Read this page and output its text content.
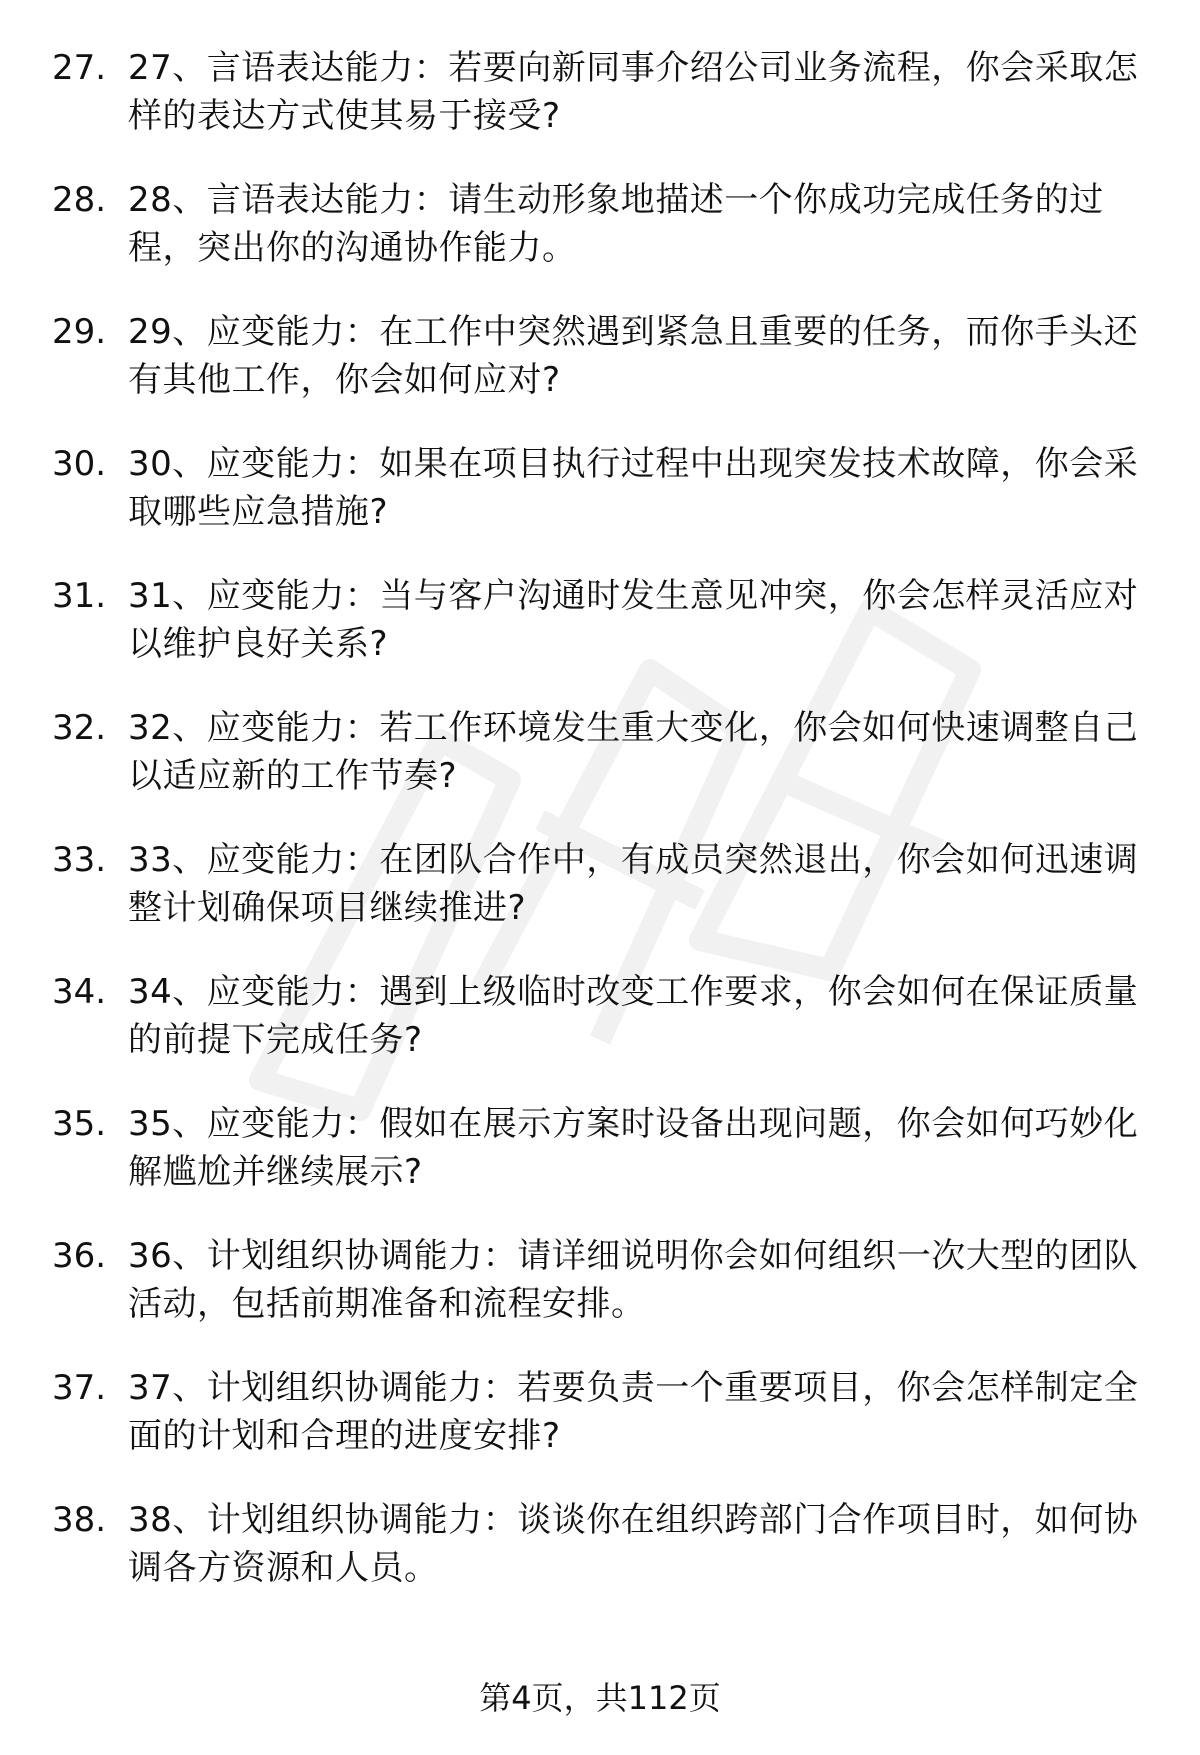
27. 27、言语表达能力：若要向新同事介绍公司业务流程，你会采取怎样的表达方式使其易于接受?
28. 28、言语表达能力：请生动形象地描述一个你成功完成任务的过程，突出你的沟通协作能力。
29. 29、应变能力：在工作中突然遇到紧急且重要的任务，而你手头还有其他工作，你会如何应对?
30. 30、应变能力：如果在项目执行过程中出现突发技术故障，你会采取哪些应急措施?
31. 31、应变能力：当与客户沟通时发生意见冲突，你会怎样灵活应对以维护良好关系?
32. 32、应变能力：若工作环境发生重大变化，你会如何快速调整自己以适应新的工作节奏?
33. 33、应变能力：在团队合作中，有成员突然退出，你会如何迅速调整计划确保项目继续推进?
34. 34、应变能力：遇到上级临时改变工作要求，你会如何在保证质量的前提下完成任务?
35. 35、应变能力：假如在展示方案时设备出现问题，你会如何巧妙化解尴尬并继续展示?
36. 36、计划组织协调能力：请详细说明你会如何组织一次大型的团队活动，包括前期准备和流程安排。
37. 37、计划组织协调能力：若要负责一个重要项目，你会怎样制定全面的计划和合理的进度安排?
38. 38、计划组织协调能力：谈谈你在组织跨部门合作项目时，如何协调各方资源和人员。
第4页，共112页
